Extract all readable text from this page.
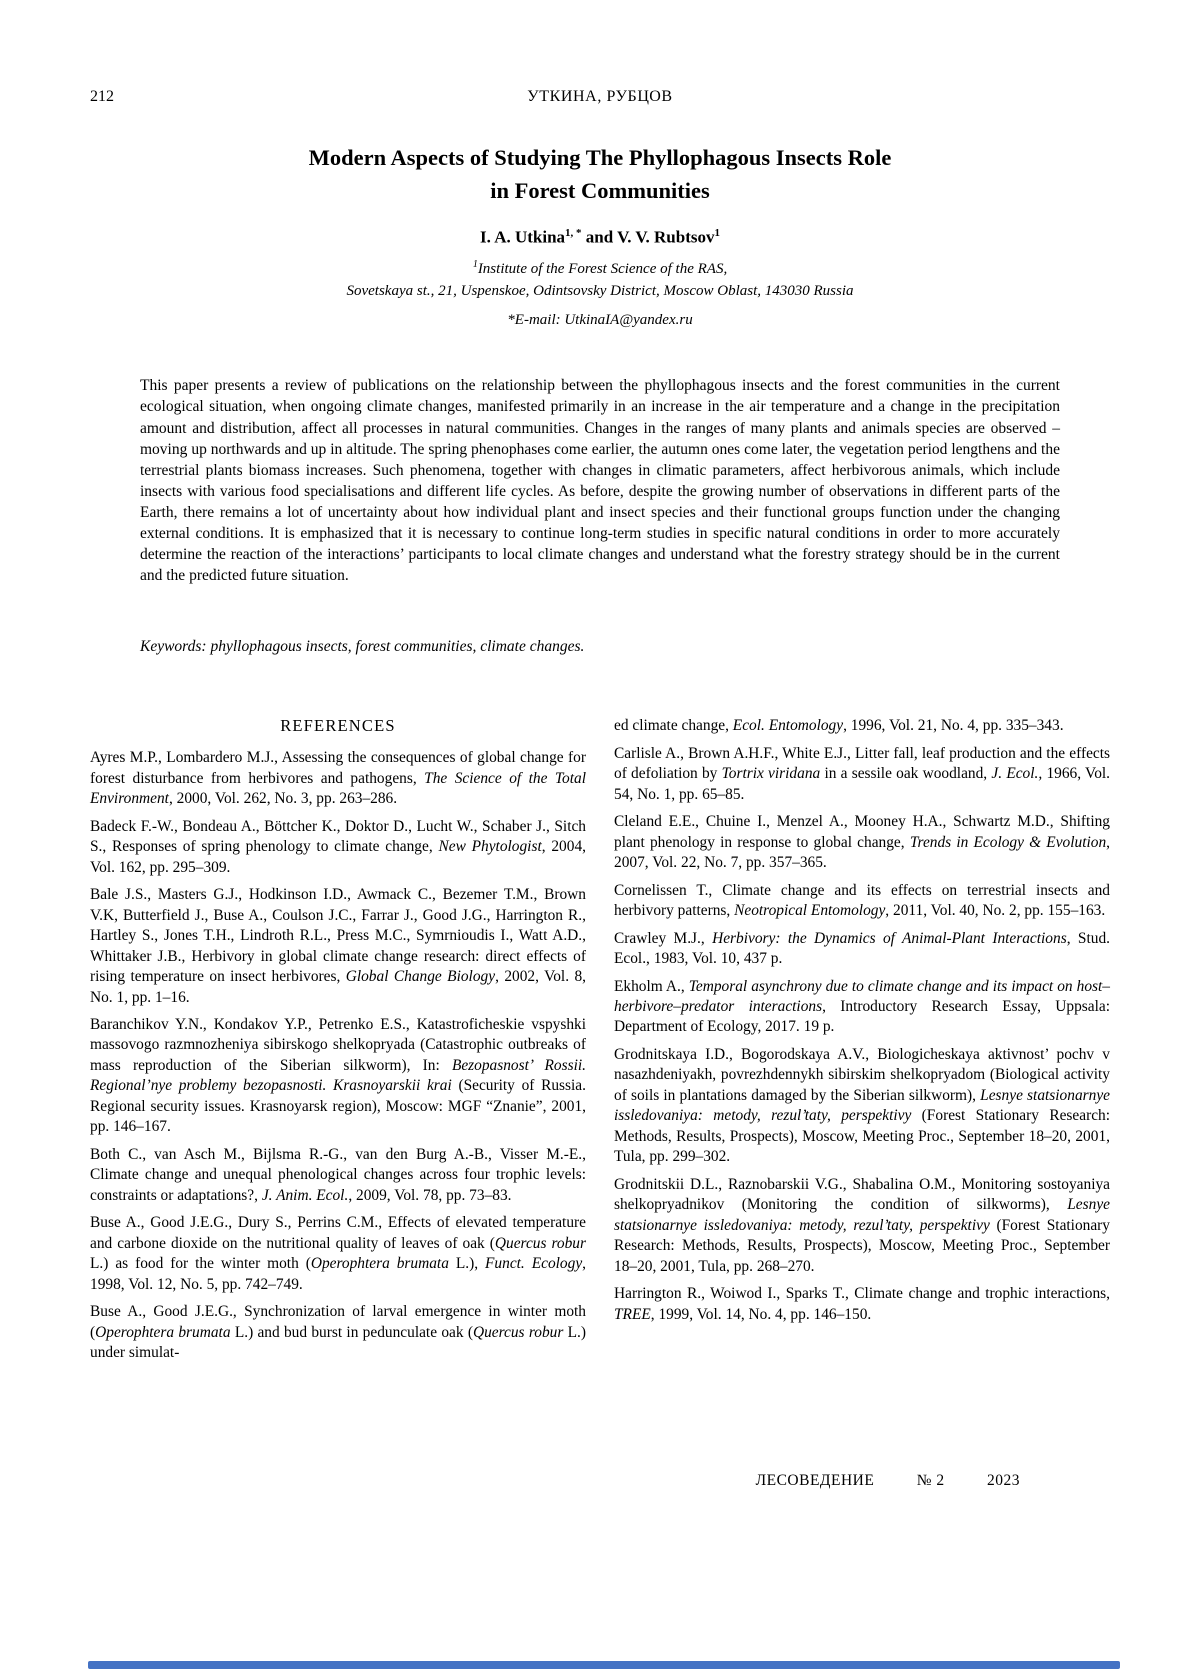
212	УТКИНА, РУБЦОВ
Modern Aspects of Studying The Phyllophagous Insects Role
in Forest Communities

I. A. Utkina$^{1, *}$ and V. V. Rubtsov$^1$

$^1$Institute of the Forest Science of the RAS,

Sovetskaya st., 21, Uspenskoe, Odintsovsky District, Moscow Oblast, 143030 Russia

*E-mail: UtkinaIA@yandex.ru

This paper presents a review of publications on the relationship between the phyllophagous insects and the forest communities in the current ecological situation, when ongoing climate changes, manifested primarily in an increase in the air temperature and a change in the precipitation amount and distribution, affect all processes in natural communities. Changes in the ranges of many plants and animals species are observed – moving up northwards and up in altitude. The spring phenophases come earlier, the autumn ones come later, the vegetation period lengthens and the terrestrial plants biomass increases. Such phenomena, together with changes in climatic parameters, affect herbivorous animals, which include insects with various food specialisations and different life cycles. As before, despite the growing number of observations in different parts of the Earth, there remains a lot of uncertainty about how individual plant and insect species and their functional groups function under the changing external conditions. It is emphasized that it is necessary to continue long-term studies in specific natural conditions in order to more accurately determine the reaction of the interactions’ participants to local climate changes and understand what the forestry strategy should be in the current and the predicted future situation.

Keywords: phyllophagous insects, forest communities, climate changes.

REFERENCES

Ayres M.P., Lombardero M.J., Assessing the consequences of global change for forest disturbance from herbivores and pathogens, The Science of the Total Environment, 2000, Vol. 262, No. 3, pp. 263–286.

Badeck F.-W., Bondeau A., Böttcher K., Doktor D., Lucht W., Schaber J., Sitch S., Responses of spring phenology to climate change, New Phytologist, 2004, Vol. 162, pp. 295–309.

Bale J.S., Masters G.J., Hodkinson I.D., Awmack C., Bezemer T.M., Brown V.K, Butterfield J., Buse A., Coulson J.C., Farrar J., Good J.G., Harrington R., Hartley S., Jones T.H., Lindroth R.L., Press M.C., Symrnioudis I., Watt A.D., Whittaker J.B., Herbivory in global climate change research: direct effects of rising temperature on insect herbivores, Global Change Biology, 2002, Vol. 8, No. 1, pp. 1–16.

Baranchikov Y.N., Kondakov Y.P., Petrenko E.S., Katastroficheskie vspyshki massovogo razmnozheniya sibirskogo shelkopryada (Catastrophic outbreaks of mass reproduction of the Siberian silkworm), In: Bezopasnost’ Rossii. Regional’nye problemy bezopasnosti. Krasnoyarskii krai (Security of Russia. Regional security issues. Krasnoyarsk region), Moscow: MGF “Znanie”, 2001, pp. 146–167.

Both C., van Asch M., Bijlsma R.-G., van den Burg A.-B., Visser M.-E., Climate change and unequal phenological changes across four trophic levels: constraints or adaptations?, J. Anim. Ecol., 2009, Vol. 78, pp. 73–83.

Buse A., Good J.E.G., Dury S., Perrins C.M., Effects of elevated temperature and carbone dioxide on the nutritional quality of leaves of oak (Quercus robur L.) as food for the winter moth (Operophtera brumata L.), Funct. Ecology, 1998, Vol. 12, No. 5, pp. 742–749.

Buse A., Good J.E.G., Synchronization of larval emergence in winter moth (Operophtera brumata L.) and bud burst in pedunculate oak (Quercus robur L.) under simulat-

ed climate change, Ecol. Entomology, 1996, Vol. 21, No. 4, pp. 335–343.

Carlisle A., Brown A.H.F., White E.J., Litter fall, leaf production and the effects of defoliation by Tortrix viridana in a sessile oak woodland, J. Ecol., 1966, Vol. 54, No. 1, pp. 65–85.

Cleland E.E., Chuine I., Menzel A., Mooney H.A., Schwartz M.D., Shifting plant phenology in response to global change, Trends in Ecology & Evolution, 2007, Vol. 22, No. 7, pp. 357–365.

Cornelissen T., Climate change and its effects on terrestrial insects and herbivory patterns, Neotropical Entomology, 2011, Vol. 40, No. 2, pp. 155–163.

Crawley M.J., Herbivory: the Dynamics of Animal-Plant Interactions, Stud. Ecol., 1983, Vol. 10, 437 p.

Ekholm A., Temporal asynchrony due to climate change and its impact on host–herbivore–predator interactions, Introductory Research Essay, Uppsala: Department of Ecology, 2017. 19 p.

Grodnitskaya I.D., Bogorodskaya A.V., Biologicheskaya aktivnost’ pochv v nasazhdeniyakh, povrezhdennykh sibirskim shelkopryadom (Biological activity of soils in plantations damaged by the Siberian silkworm), Lesnye statsionarnye issledovaniya: metody, rezul’taty, perspektivy (Forest Stationary Research: Methods, Results, Prospects), Moscow, Meeting Proc., September 18–20, 2001, Tula, pp. 299–302.

Grodnitskii D.L., Raznobarskii V.G., Shabalina O.M., Monitoring sostoyaniya shelkopryadnikov (Monitoring the condition of silkworms), Lesnye statsionarnye issledovaniya: metody, rezul’taty, perspektivy (Forest Stationary Research: Methods, Results, Prospects), Moscow, Meeting Proc., September 18–20, 2001, Tula, pp. 268–270.

Harrington R., Woiwod I., Sparks T., Climate change and trophic interactions, TREE, 1999, Vol. 14, No. 4, pp. 146–150.

ЛЕСОВЕДЕНИЕ	№ 2	2023
